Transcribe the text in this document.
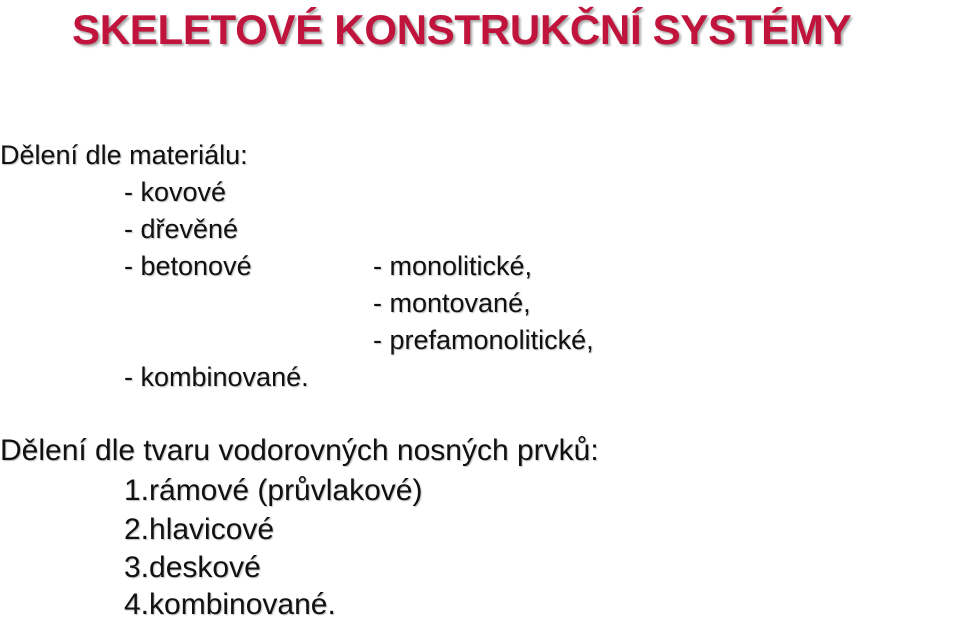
SKELETOVÉ KONSTRUKČNÍ SYSTÉMY
Dělení dle materiálu:
- kovové
- dřevěné
- betonové	- monolitické,
- montované,
- prefamonolitické,
- kombinované.
Dělení dle tvaru vodorovných nosných prvků:
1.rámové (průvlakové)
2.hlavicové
3.deskové
4.kombinované.
